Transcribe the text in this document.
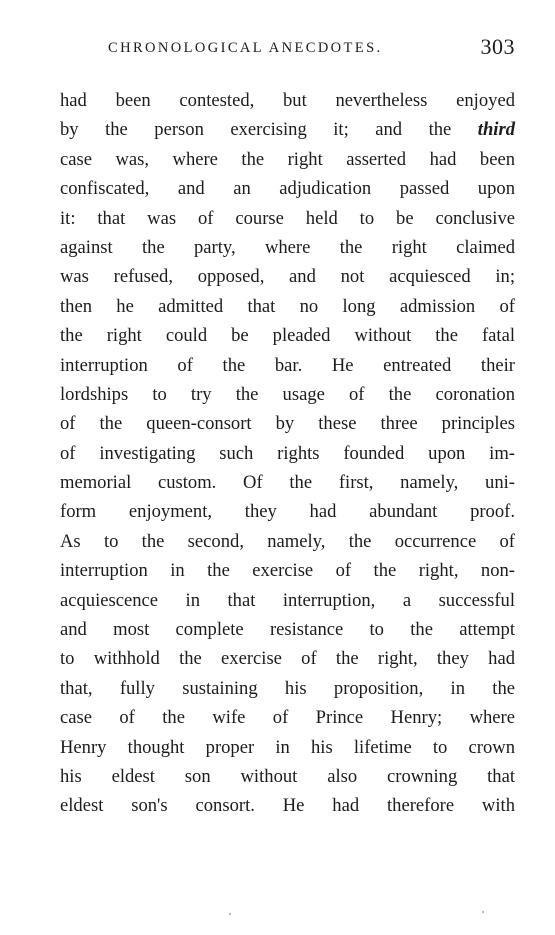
CHRONOLOGICAL ANECDOTES.	303
had been contested, but nevertheless enjoyed
by the person exercising it; and the third
case was, where the right asserted had been
confiscated, and an adjudication passed upon
it: that was of course held to be conclusive
against the party, where the right claimed
was refused, opposed, and not acquiesced in;
then he admitted that no long admission of
the right could be pleaded without the fatal
interruption of the bar. He entreated their
lordships to try the usage of the coronation
of the queen-consort by these three principles
of investigating such rights founded upon im-
memorial custom. Of the first, namely, uni-
form enjoyment, they had abundant proof.
As to the second, namely, the occurrence of
interruption in the exercise of the right, non-
acquiescence in that interruption, a successful
and most complete resistance to the attempt
to withhold the exercise of the right, they had
that, fully sustaining his proposition, in the
case of the wife of Prince Henry; where
Henry thought proper in his lifetime to crown
his eldest son without also crowning that
eldest son's consort. He had therefore with
